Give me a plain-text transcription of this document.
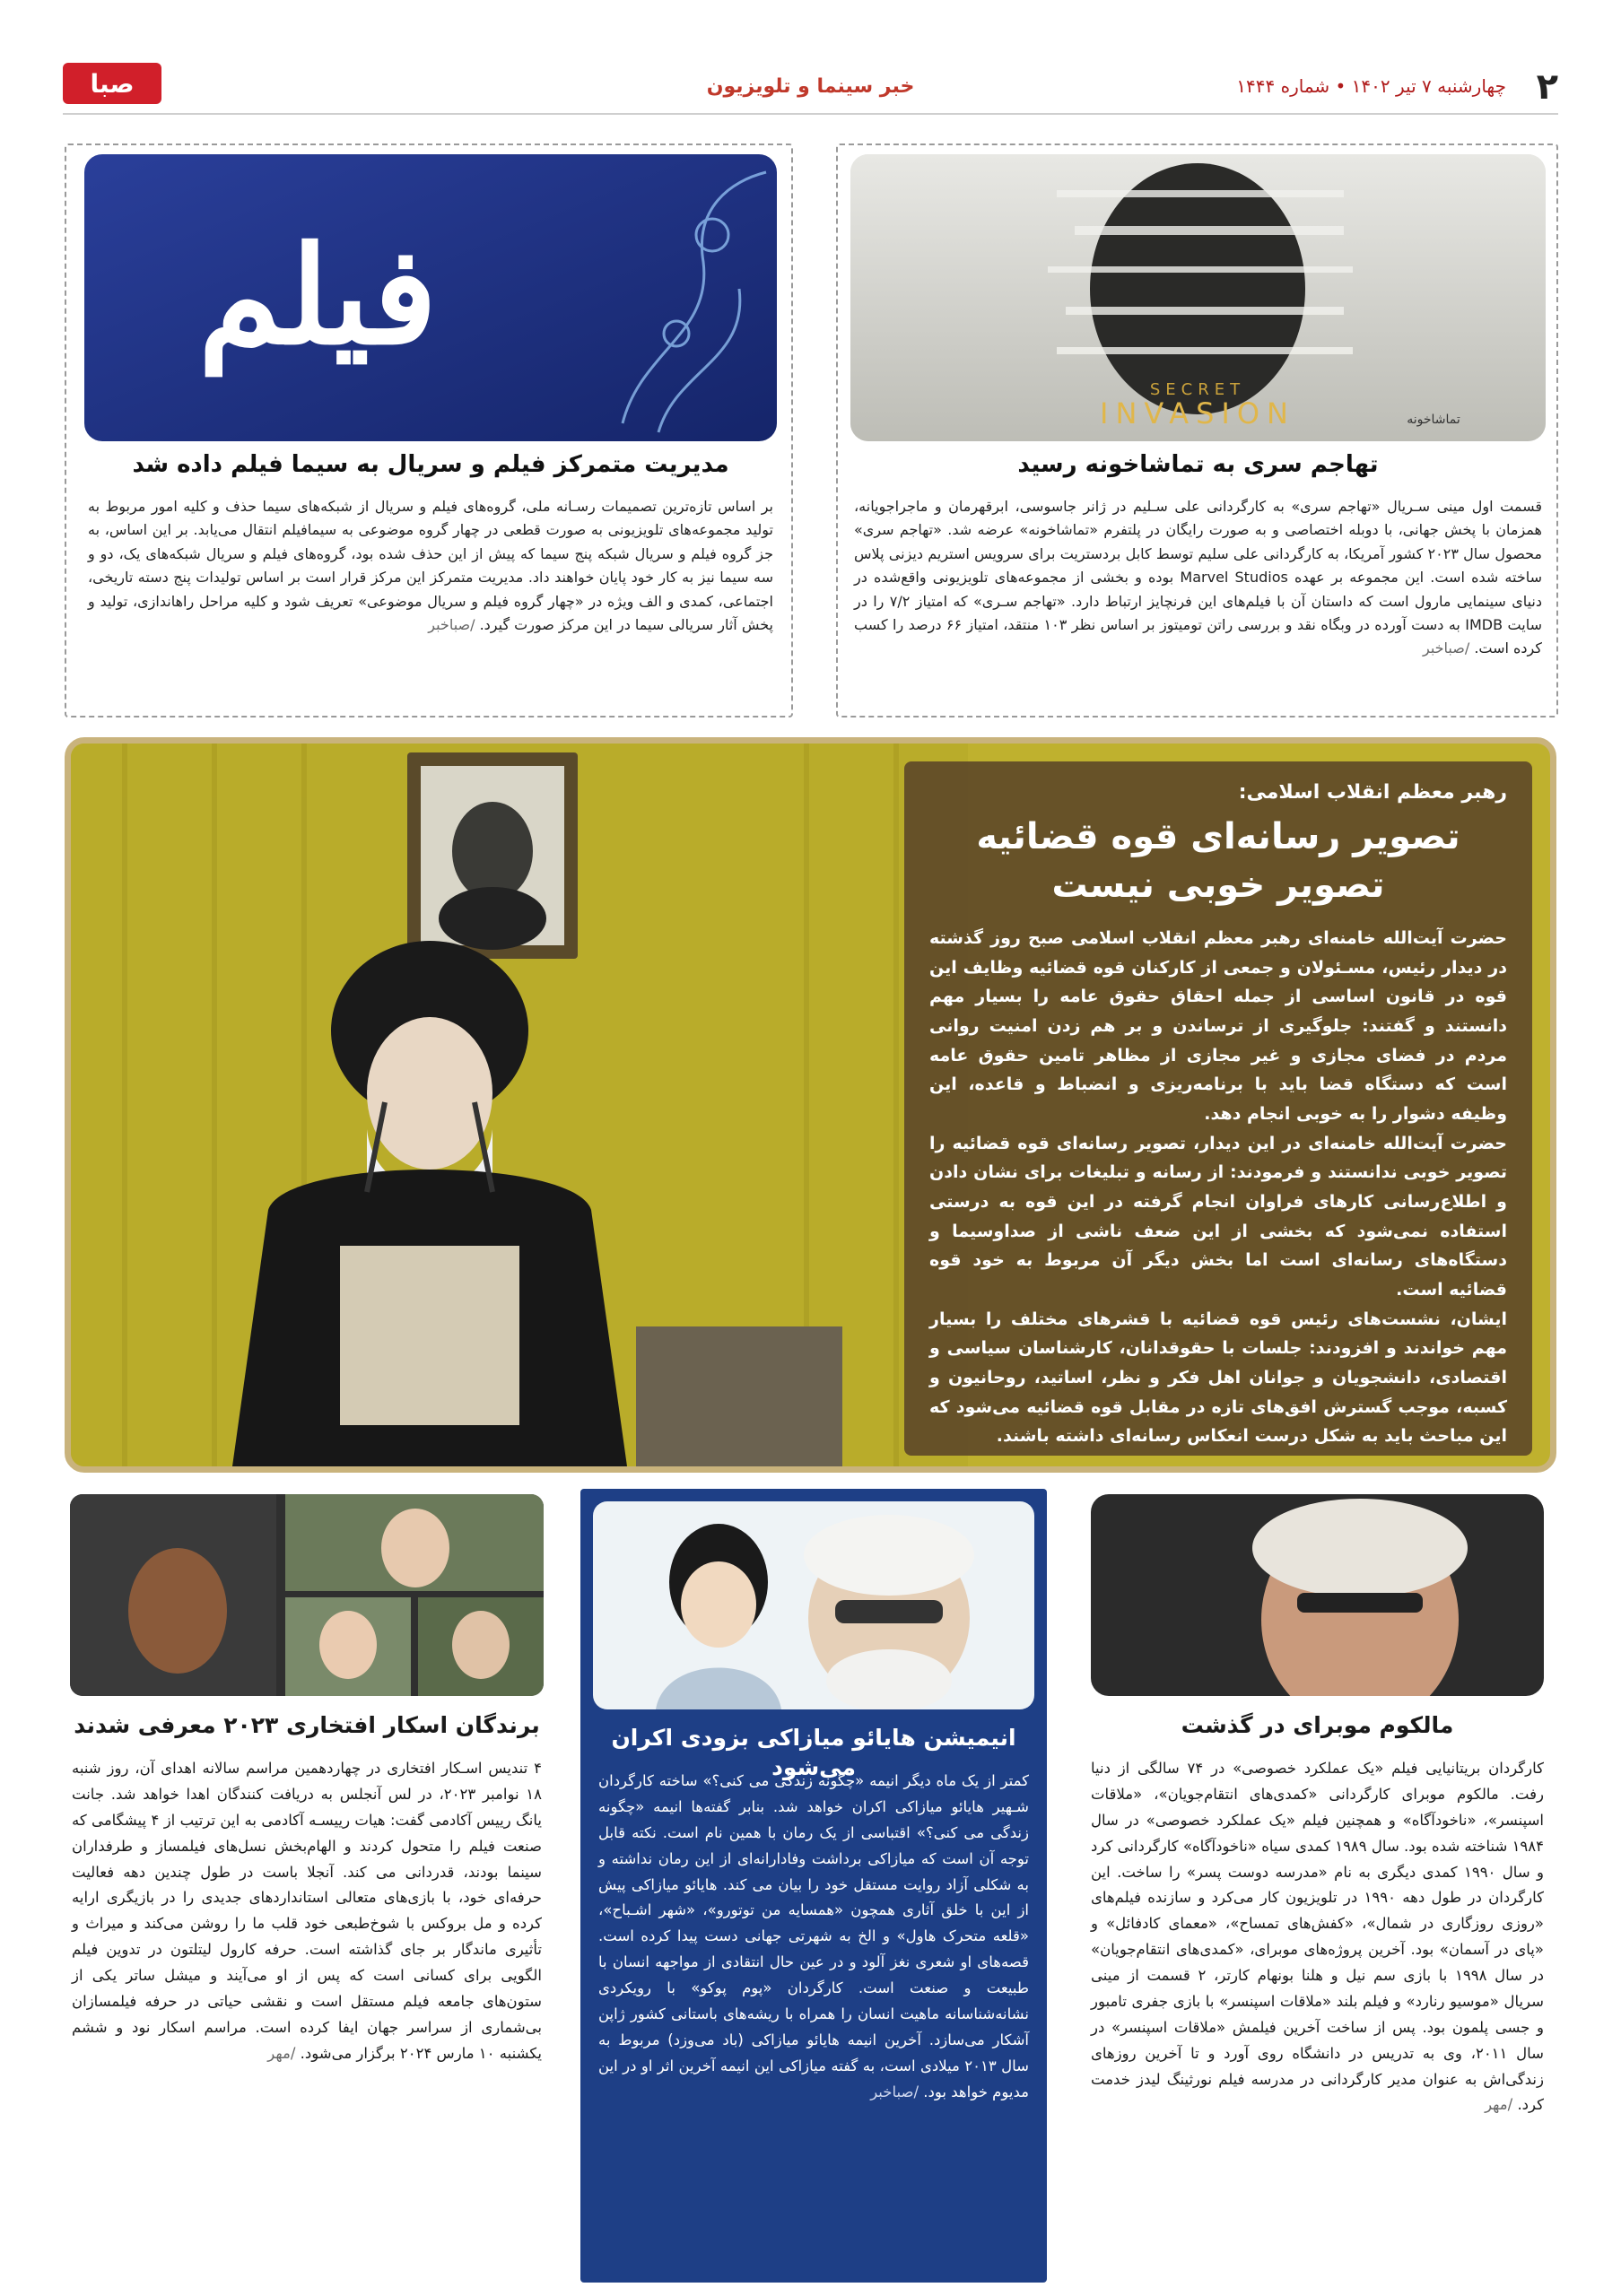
۲
چهارشنبه ۷ تیر ۱۴۰۲ • شماره ۱۴۴۴
خبر سینما و تلویزیون
صبا
SECRET
INVASION	تماشاخونه
تهاجم سری به تماشاخونه رسید
قسمت اول مینی سـریال «تهاجم سری» به کارگردانی علی سـلیم در ژانر جاسوسی، ابرقهرمان و ماجراجویانه، همزمان با پخش جهانی، با دوبله اختصاصی و به صورت رایگان در پلتفرم «تماشاخونه» عرضه شد. «تهاجم سری» محصول سال ۲۰۲۳ کشور آمریکا، به کارگردانی علی سلیم توسط کابل بردستریت برای سرویس استریم دیزنی پلاس ساخته شده است. این مجموعه بر عهده Marvel Studios بوده و بخشی از مجموعه‌های تلویزیونی واقع‌شده در دنیای سینمایی مارول است که داستان آن با فیلم‌های این فرنچایز ارتباط دارد. «تهاجم سـری» که امتیاز ۷/۲ را در سایت IMDB به دست آورده در وبگاه نقد و بررسی راتن تومیتوز بر اساس نظر ۱۰۳ منتقد، امتیاز ۶۶ درصد را کسب کرده است. /صباخبر
فیلم
مدیریت متمرکز فیلم و سریال به سیما فیلم داده شد
بر اساس تازه‌ترین تصمیمات رسـانه ملی، گروه‌های فیلم و سریال از شبکه‌های سیما حذف و کلیه امور مربوط به تولید مجموعه‌های تلویزیونی به صورت قطعی در چهار گروه موضوعی به سیمافیلم انتقال می‌یابد. بر این اساس، به جز گروه فیلم و سریال شبکه پنج سیما که پیش از این حذف شده بود، گروه‌های فیلم و سریال شبکه‌های یک، دو و سه سیما نیز به کار خود پایان خواهند داد. مدیریت متمرکز این مرکز قرار است بر اساس تولیدات پنج دسته تاریخی، اجتماعی، کمدی و الف ویژه در «چهار گروه فیلم و سریال موضوعی» تعریف شود و کلیه مراحل راهاندازی، تولید و پخش آثار سریالی سیما در این مرکز صورت گیرد. /صباخبر
رهبر معظم انقلاب اسلامی:
تصویر رسانه‌ای قوه قضائیه
تصویر خوبی نیست
حضرت آیت‌الله خامنه‌ای رهبر معظم انقلاب اسلامی صبح روز گذشته در دیدار رئیس، مسـئولان و جمعی از کارکنان قوه قضائیه وظایف این قوه در قانون اساسی از جمله احقاق حقوق عامه را بسیار مهم دانستند و گفتند: جلوگیری از ترساندن و بر هم زدن امنیت روانی مردم در فضای مجازی و غیر مجازی از مظاهر تامین حقوق عامه است که دستگاه قضا باید با برنامه‌ریزی و انضباط و قاعده، این وظیفه دشوار را به خوبی انجام دهد.
حضرت آیت‌الله خامنه‌ای در این دیدار، تصویر رسانه‌ای قوه قضائیه را تصویر خوبی ندانستند و فرمودند: از رسانه و تبلیغات برای نشان دادن و اطلاع‌رسانی کارهای فراوان انجام گرفته در این قوه به درستی استفاده نمی‌شود که بخشی از این ضعف ناشی از صداوسیما و دستگاه‌های رسانه‌ای است اما بخش دیگر آن مربوط به خود قوه قضائیه است.
ایشان، نشست‌های رئیس قوه قضائیه با قشرهای مختلف را بسیار مهم خواندند و افزودند: جلسات با حقوقدانان، کارشناسان سیاسی و اقتصادی، دانشجویان و جوانان اهل فکر و نظر، اساتید، روحانیون و کسبه، موجب گسترش افق‌های تازه در مقابل قوه قضائیه می‌شود که این مباحث باید به شکل درست انعکاس رسانه‌ای داشته باشند.
مالکوم موبرای در گذشت
کارگردان بریتانیایی فیلم «یک عملکرد خصوصی» در ۷۴ سالگی از دنیا رفت. مالکوم موبرای کارگردانی «کمدی‌های انتقام‌جویان»، «ملاقات اسپنسر»، «ناخودآگاه» و همچنین فیلم «یک عملکرد خصوصی» در سال ۱۹۸۴ شناخته شده بود. سال ۱۹۸۹ کمدی سیاه «ناخودآگاه» کارگردانی کرد و سال ۱۹۹۰ کمدی دیگری به نام «مدرسه دوست پسر» را ساخت. این کارگردان در طول دهه ۱۹۹۰ در تلویزیون کار می‌کرد و سازنده فیلم‌های «روزی روزگاری در شمال»، «کفش‌های تمساح»، «معمای کادفائل» و «پای در آسمان» بود. آخرین پروژه‌های موبرای، «کمدی‌های انتقام‌جویان» در سال ۱۹۹۸ با بازی سم نیل و هلنا بونهام کارتر، ۲ قسمت از مینی سریال «موسیو رنارد» و فیلم بلند «ملاقات اسپنسر» با بازی جفری تامبور و جسی پلمون بود. پس از ساخت آخرین فیلمش «ملاقات اسپنسر» در سال ۲۰۱۱، وی به تدریس در دانشگاه روی آورد و تا آخرین روزهای زندگی‌اش به عنوان مدیر کارگردانی در مدرسه فیلم نورثینگ لیدز خدمت کرد. /مهر
انیمیشن هایائو میازاکی بزودی اکران می‌شود
کمتر از یک ماه دیگر انیمه «چگونه زندگی می کنی؟» ساخته کارگردان شـهیر هایائو میازاکی اکران خواهد شد. بنابر گفته‌ها انیمه «چگونه زندگی می کنی؟» اقتباسی از یک رمان با همین نام است. نکته قابل توجه آن است که میازاکی برداشت وفادارانه‌ای از این رمان نداشته و به شکلی آزاد روایت مستقل خود را بیان می کند. هایائو میازاکی پیش از این با خلق آثاری همچون «همسایه من توتورو»، «شهر اشـباح»، «قلعه متحرک هاول» و الخ به شهرتی جهانی دست پیدا کرده است. قصه‌های او شعری نغز آلود و در عین حال انتقادی از مواجهه انسان با طبیعت و صنعت است. کارگردان «پوم پوکو» با رویکردی نشانه‌شناسانه ماهیت انسان را همراه با ریشه‌های باستانی کشور ژاپن آشکار می‌سازد. آخرین انیمه هایائو میازاکی (باد می‌وزد) مربوط به سال ۲۰۱۳ میلادی است، به گفته میازاکی این انیمه آخرین اثر او در این مدیوم خواهد بود. /صباخبر
برندگان اسکار افتخاری ۲۰۲۳ معرفی شدند
۴ تندیس اسـکار افتخاری در چهاردهمین مراسم سالانه اهدای آن، روز شنبه ۱۸ نوامبر ۲۰۲۳، در لس آنجلس به دریافت کنندگان اهدا خواهد شد. جانت یانگ رییس آکادمی گفت: هیات رییسـه آکادمی به این ترتیب از ۴ پیشگامی که صنعت فیلم را متحول کردند و الهام‌بخش نسل‌های فیلمساز و طرفداران سینما بودند، قدردانی می کند. آنجلا باست در طول چندین دهه فعالیت حرفه‌ای خود، با بازی‌های متعالی استانداردهای جدیدی را در بازیگری ارایه کرده و مل بروکس با شوخ‌طبعی خود قلب ما را روشن می‌کند و میراث و تأثیری ماندگار بر جای گذاشته است. حرفه کارول لیتلتون در تدوین فیلم الگویی برای کسانی است که پس از او می‌آیند و میشل ساتر یکی از ستون‌های جامعه فیلم مستقل است و نقشی حیاتی در حرفه فیلمسازان بی‌شماری از سراسر جهان ایفا کرده است. مراسم اسکار نود و ششم یکشنبه ۱۰ مارس ۲۰۲۴ برگزار می‌شود. /مهر
